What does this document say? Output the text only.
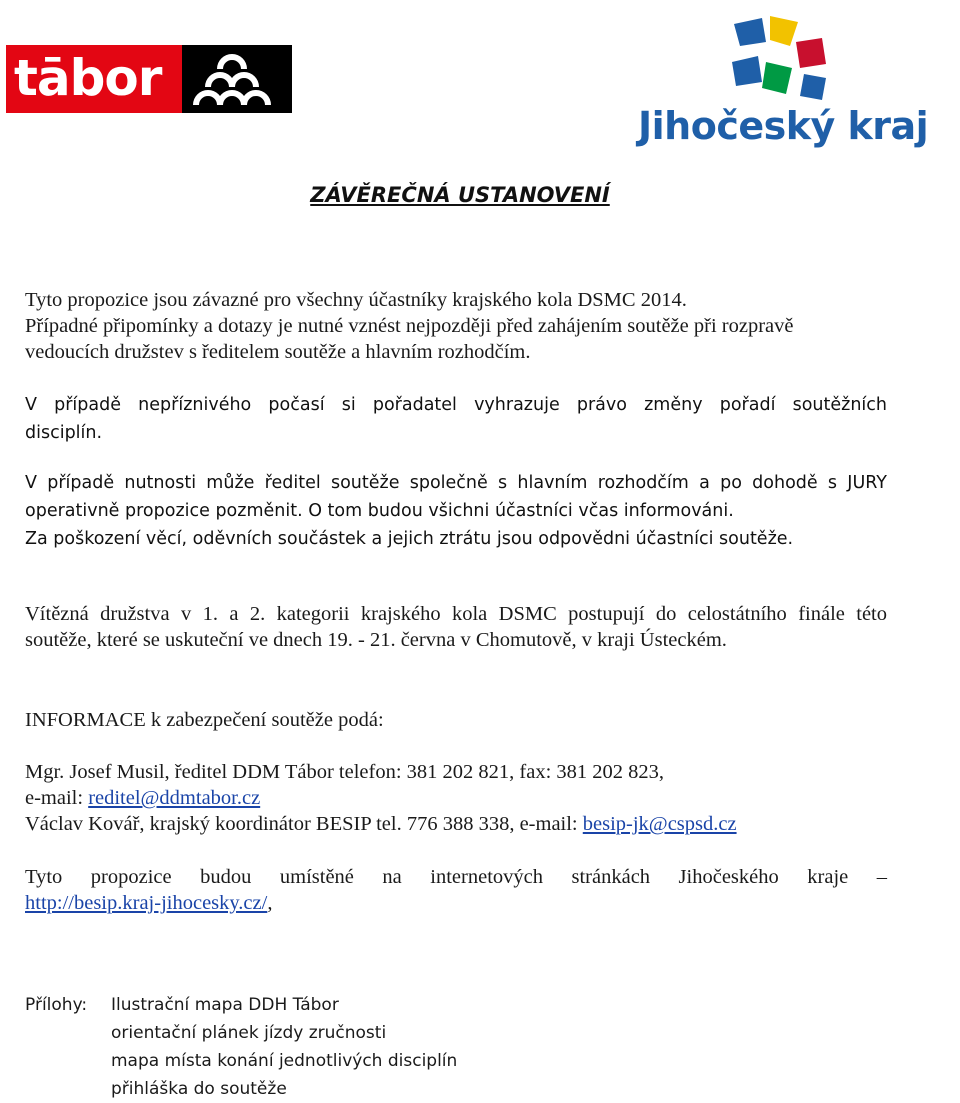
tābor
Jihočeský kraj
ZÁVĚREČNÁ USTANOVENÍ

Tyto propozice jsou závazné pro všechny účastníky krajského kola DSMC 2014.

Případné připomínky a dotazy je nutné vznést nejpozději před zahájením soutěže při rozpravě

vedoucích družstev s ředitelem soutěže a hlavním rozhodčím.

V případě nepříznivého počasí si pořadatel vyhrazuje právo změny pořadí soutěžních

disciplín.

V případě nutnosti může ředitel soutěže společně s hlavním rozhodčím a po dohodě s JURY

operativně propozice pozměnit. O tom budou všichni účastníci včas informováni.

Za poškození věcí, oděvních součástek a jejich ztrátu jsou odpovědni účastníci soutěže.

Vítězná družstva v 1. a 2. kategorii krajského kola DSMC postupují do celostátního finále této

soutěže, které se uskuteční ve dnech 19. - 21. června v Chomutově, v kraji Ústeckém.

INFORMACE k zabezpečení soutěže podá:

Mgr. Josef Musil, ředitel DDM Tábor telefon: 381 202 821, fax: 381 202 823,

e-mail: reditel@ddmtabor.cz

Václav Kovář, krajský koordinátor BESIP tel. 776 388 338, e-mail: besip-jk@cspsd.cz

Tyto propozice budou umístěné na internetových stránkách Jihočeského kraje –

http://besip.kraj-jihocesky.cz/,

Přílohy: Ilustrační mapa DDH Tábor
orientační plánek jízdy zručnosti
mapa místa konání jednotlivých disciplín
přihláška do soutěže
